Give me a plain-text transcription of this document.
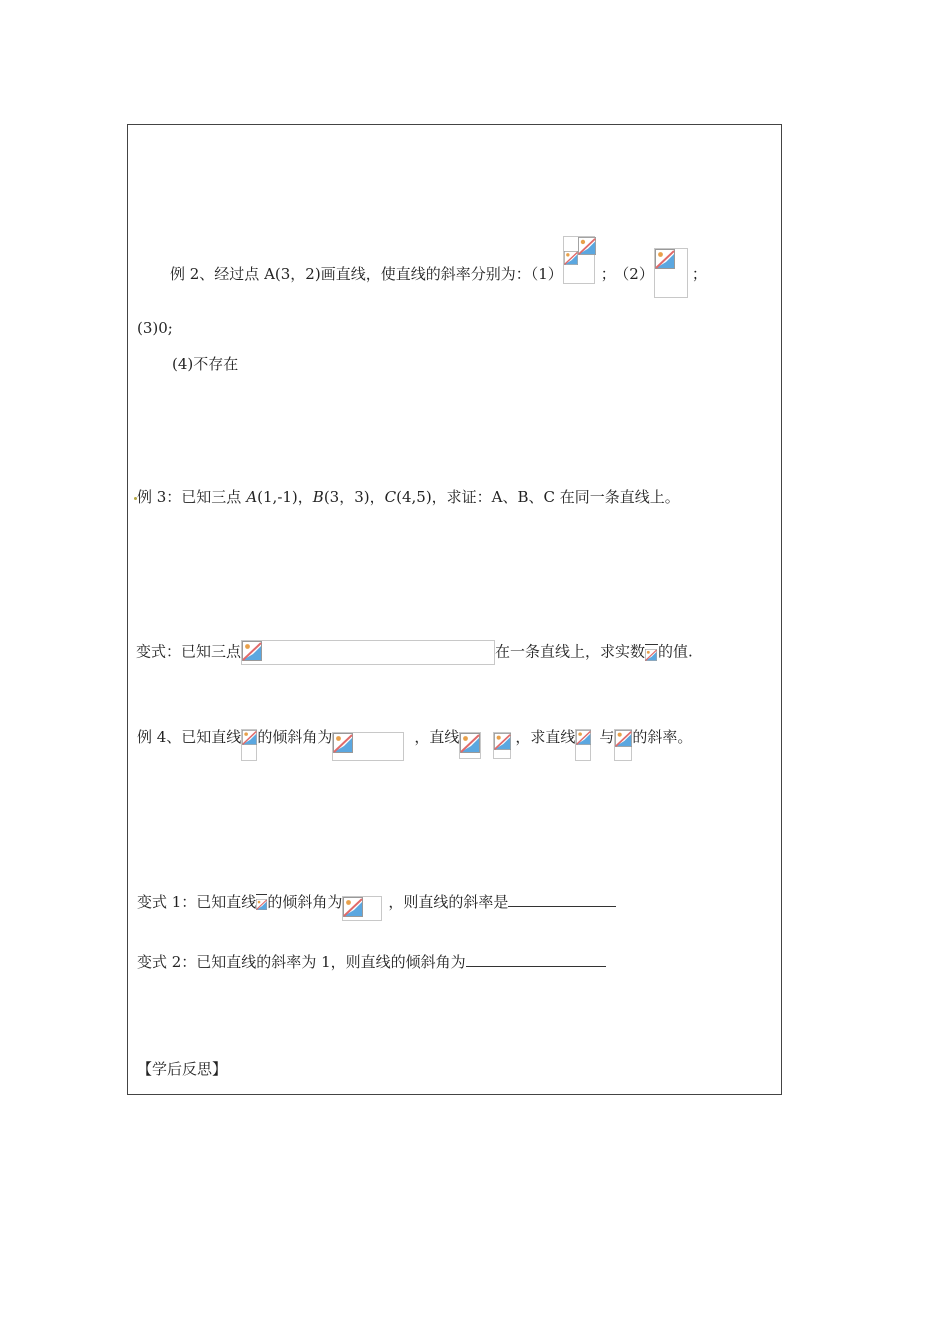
例 2、经过点 A(3，2)画直线，使直线的斜率分别为：（1）	； （2）	；
(3)0;
(4)不存在
例 3：已知三点 A(1,-1)，B(3，3)，C(4,5)，求证：A、B、C 在同一条直线上。
变式：已知三点	在一条直线上，求实数 的值.
例 4、已知直线 的倾斜角为	，直线	，求直线 与 的斜率。
变式 1：已知直线 的倾斜角为	，则直线的斜率是
变式 2：已知直线的斜率为 1，则直线的倾斜角为
【学后反思】
